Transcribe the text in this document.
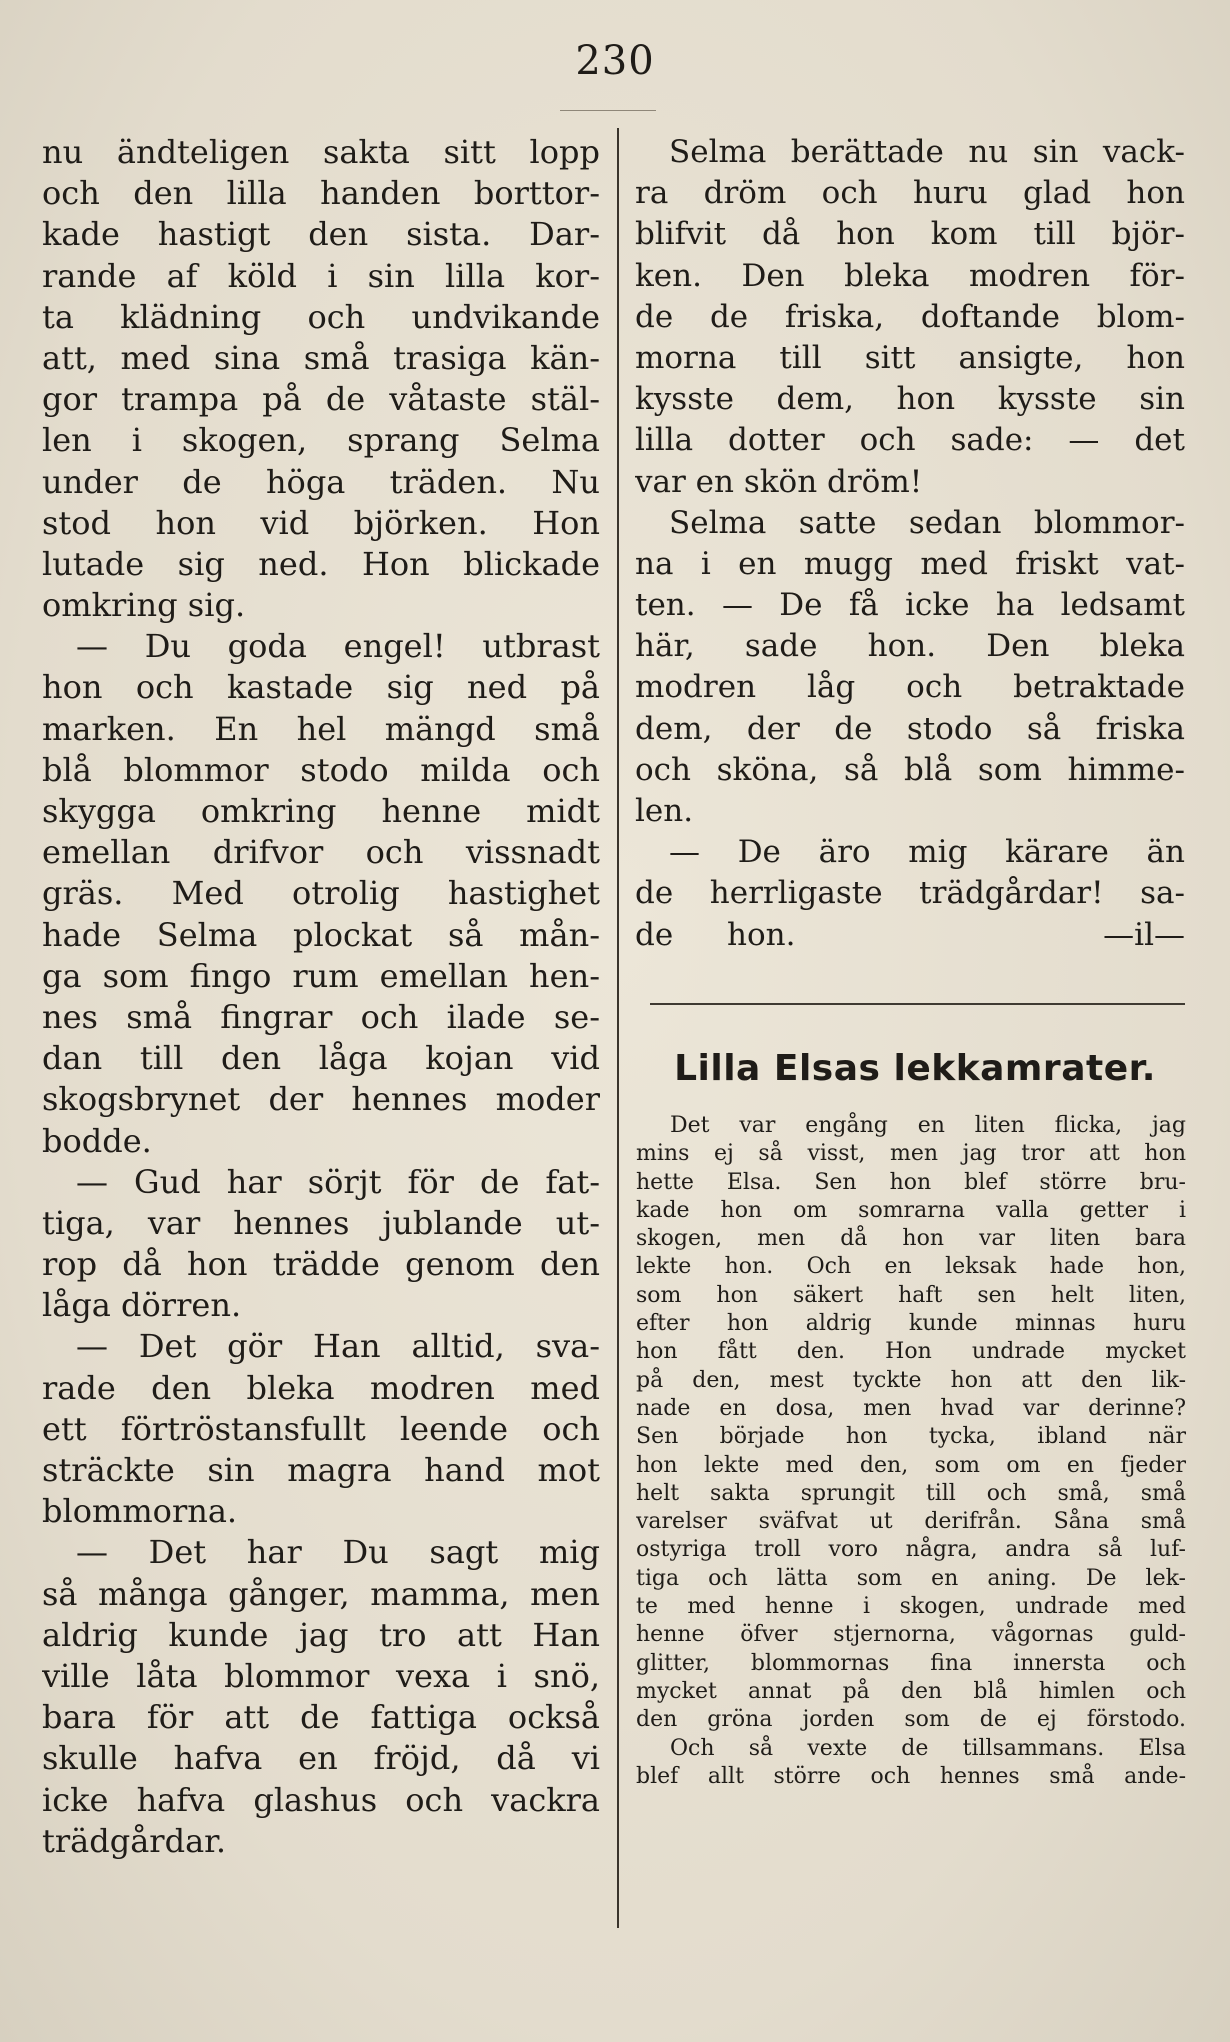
230

nu ändteligen sakta sitt lopp

och den lilla handen borttor-

kade hastigt den sista. Dar-

rande af köld i sin lilla kor-

ta klädning och undvikande

att, med sina små trasiga kän-

gor trampa på de våtaste stäl-

len i skogen, sprang Selma

under de höga träden. Nu

stod hon vid björken. Hon

lutade sig ned. Hon blickade

omkring sig.

— Du goda engel! utbrast

hon och kastade sig ned på

marken. En hel mängd små

blå blommor stodo milda och

skygga omkring henne midt

emellan drifvor och vissnadt

gräs. Med otrolig hastighet

hade Selma plockat så mån-

ga som fingo rum emellan hen-

nes små fingrar och ilade se-

dan till den låga kojan vid

skogsbrynet der hennes moder

bodde.

— Gud har sörjt för de fat-

tiga, var hennes jublande ut-

rop då hon trädde genom den

låga dörren.

— Det gör Han alltid, sva-

rade den bleka modren med

ett förtröstansfullt leende och

sträckte sin magra hand mot

blommorna.

— Det har Du sagt mig

så många gånger, mamma, men

aldrig kunde jag tro att Han

ville låta blommor vexa i snö,

bara för att de fattiga också

skulle hafva en fröjd, då vi

icke hafva glashus och vackra

trädgårdar.

Selma berättade nu sin vack-

ra dröm och huru glad hon

blifvit då hon kom till björ-

ken. Den bleka modren för-

de de friska, doftande blom-

morna till sitt ansigte, hon

kysste dem, hon kysste sin

lilla dotter och sade: — det

var en skön dröm!

Selma satte sedan blommor-

na i en mugg med friskt vat-

ten. — De få icke ha ledsamt

här, sade hon. Den bleka

modren låg och betraktade

dem, der de stodo så friska

och sköna, så blå som himme-

len.

— De äro mig kärare än

de herrligaste trädgårdar! sa-

de hon.	—il—

Lilla Elsas lekkamrater.

Det var engång en liten flicka, jag

mins ej så visst, men jag tror att hon

hette Elsa. Sen hon blef större bru-

kade hon om somrarna valla getter i

skogen, men då hon var liten bara

lekte hon. Och en leksak hade hon,

som hon säkert haft sen helt liten,

efter hon aldrig kunde minnas huru

hon fått den. Hon undrade mycket

på den, mest tyckte hon att den lik-

nade en dosa, men hvad var derinne?

Sen började hon tycka, ibland när

hon lekte med den, som om en fjeder

helt sakta sprungit till och små, små

varelser sväfvat ut derifrån. Såna små

ostyriga troll voro några, andra så luf-

tiga och lätta som en aning. De lek-

te med henne i skogen, undrade med

henne öfver stjernorna, vågornas guld-

glitter, blommornas fina innersta och

mycket annat på den blå himlen och

den gröna jorden som de ej förstodo.

Och så vexte de tillsammans. Elsa

blef allt större och hennes små ande-
